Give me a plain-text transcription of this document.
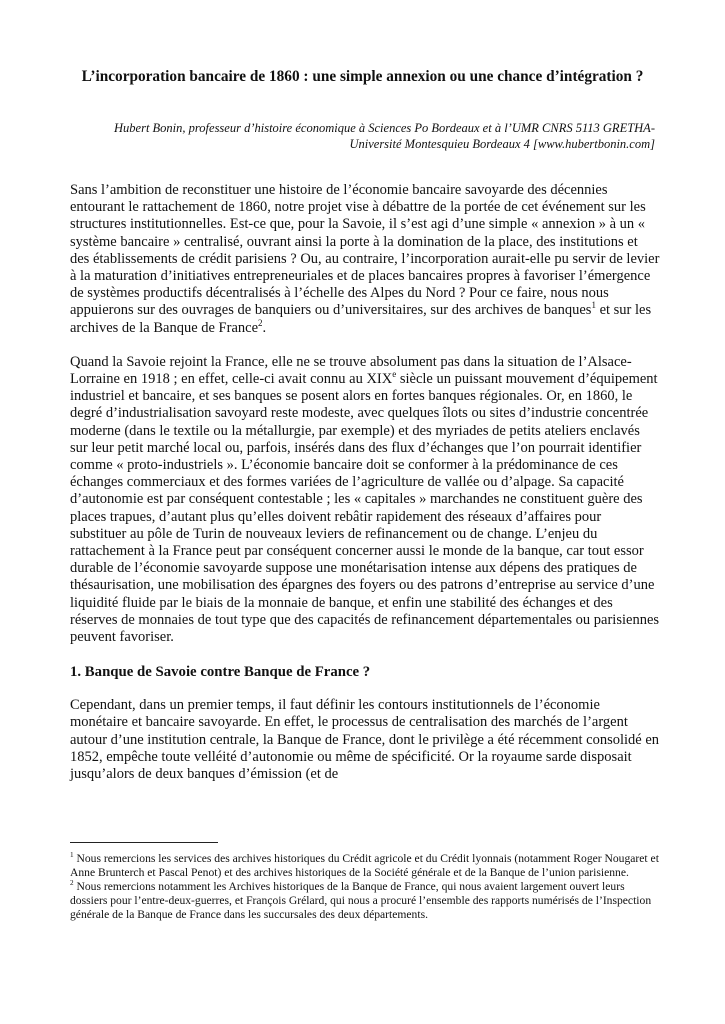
L’incorporation bancaire de 1860 : une simple annexion ou une chance d’intégration ?

Hubert Bonin, professeur d’histoire économique à Sciences Po Bordeaux et à l’UMR CNRS 5113 GRETHA-Université Montesquieu Bordeaux 4 [www.hubertbonin.com]

Sans l’ambition de reconstituer une histoire de l’économie bancaire savoyarde des décennies entourant le rattachement de 1860, notre projet vise à débattre de la portée de cet événement sur les structures institutionnelles. Est-ce que, pour la Savoie, il s’est agi d’une simple « annexion » à un « système bancaire » centralisé, ouvrant ainsi la porte à la domination de la place, des institutions et des établissements de crédit parisiens ? Ou, au contraire, l’incorporation aurait-elle pu servir de levier à la maturation d’initiatives entrepreneuriales et de places bancaires propres à favoriser l’émergence de systèmes productifs décentralisés à l’échelle des Alpes du Nord ? Pour ce faire, nous nous appuierons sur des ouvrages de banquiers ou d’universitaires, sur des archives de banques$^1$ et sur les archives de la Banque de France$^2$.

Quand la Savoie rejoint la France, elle ne se trouve absolument pas dans la situation de l’Alsace-Lorraine en 1918 ; en effet, celle-ci avait connu au XIXe siècle un puissant mouvement d’équipement industriel et bancaire, et ses banques se posent alors en fortes banques régionales. Or, en 1860, le degré d’industrialisation savoyard reste modeste, avec quelques îlots ou sites d’industrie concentrée moderne (dans le textile ou la métallurgie, par exemple) et des myriades de petits ateliers enclavés sur leur petit marché local ou, parfois, insérés dans des flux d’échanges que l’on pourrait identifier comme « proto-industriels ». L’économie bancaire doit se conformer à la prédominance de ces échanges commerciaux et des formes variées de l’agriculture de vallée ou d’alpage. Sa capacité d’autonomie est par conséquent contestable ; les « capitales » marchandes ne constituent guère des places trapues, d’autant plus qu’elles doivent rebâtir rapidement des réseaux d’affaires pour substituer au pôle de Turin de nouveaux leviers de refinancement ou de change. L’enjeu du rattachement à la France peut par conséquent concerner aussi le monde de la banque, car tout essor durable de l’économie savoyarde suppose une monétarisation intense aux dépens des pratiques de thésaurisation, une mobilisation des épargnes des foyers ou des patrons d’entreprise au service d’une liquidité fluide par le biais de la monnaie de banque, et enfin une stabilité des échanges et des réserves de monnaies de tout type que des capacités de refinancement départementales ou parisiennes peuvent favoriser.

1. Banque de Savoie contre Banque de France ?

Cependant, dans un premier temps, il faut définir les contours institutionnels de l’économie monétaire et bancaire savoyarde. En effet, le processus de centralisation des marchés de l’argent autour d’une institution centrale, la Banque de France, dont le privilège a été récemment consolidé en 1852, empêche toute velléité d’autonomie ou même de spécificité. Or la royaume sarde disposait jusqu’alors de deux banques d’émission (et de

$^1$ Nous remercions les services des archives historiques du Crédit agricole et du Crédit lyonnais (notamment Roger Nougaret et Anne Brunterch et Pascal Penot) et des archives historiques de la Société générale et de la Banque de l’union parisienne.

$^2$ Nous remercions notamment les Archives historiques de la Banque de France, qui nous avaient largement ouvert leurs dossiers pour l’entre-deux-guerres, et François Grélard, qui nous a procuré l’ensemble des rapports numérisés de l’Inspection générale de la Banque de France dans les succursales des deux départements.
